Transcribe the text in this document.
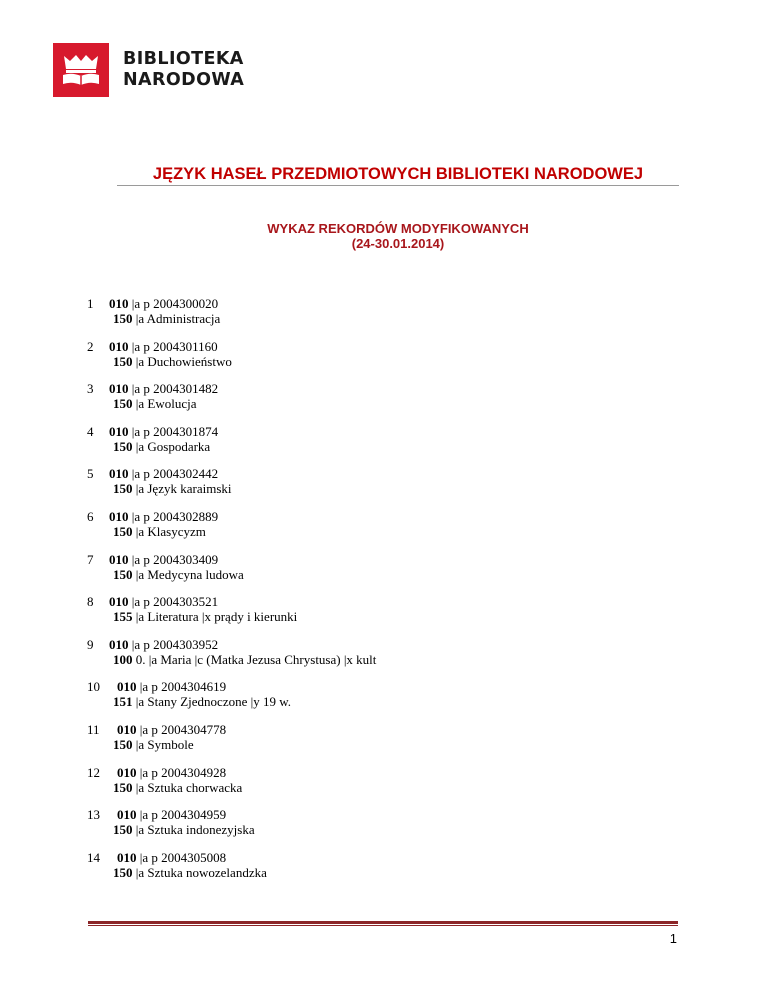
BIBLIOTEKA
NARODOWA
JĘZYK HASEŁ PRZEDMIOTOWYCH BIBLIOTEKI NARODOWEJ
WYKAZ REKORDÓW MODYFIKOWANYCH
(24-30.01.2014)
1 010 |a p 2004300020
150 |a Administracja
2 010 |a p 2004301160
150 |a Duchowieństwo
3 010 |a p 2004301482
150 |a Ewolucja
4 010 |a p 2004301874
150 |a Gospodarka
5 010 |a p 2004302442
150 |a Język karaimski
6 010 |a p 2004302889
150 |a Klasycyzm
7 010 |a p 2004303409
150 |a Medycyna ludowa
8 010 |a p 2004303521
155 |a Literatura |x prądy i kierunki
9 010 |a p 2004303952
100 0. |a Maria |c (Matka Jezusa Chrystusa) |x kult
10 010 |a p 2004304619
151 |a Stany Zjednoczone |y 19 w.
11 010 |a p 2004304778
150 |a Symbole
12 010 |a p 2004304928
150 |a Sztuka chorwacka
13 010 |a p 2004304959
150 |a Sztuka indonezyjska
14 010 |a p 2004305008
150 |a Sztuka nowozelandzka
1
